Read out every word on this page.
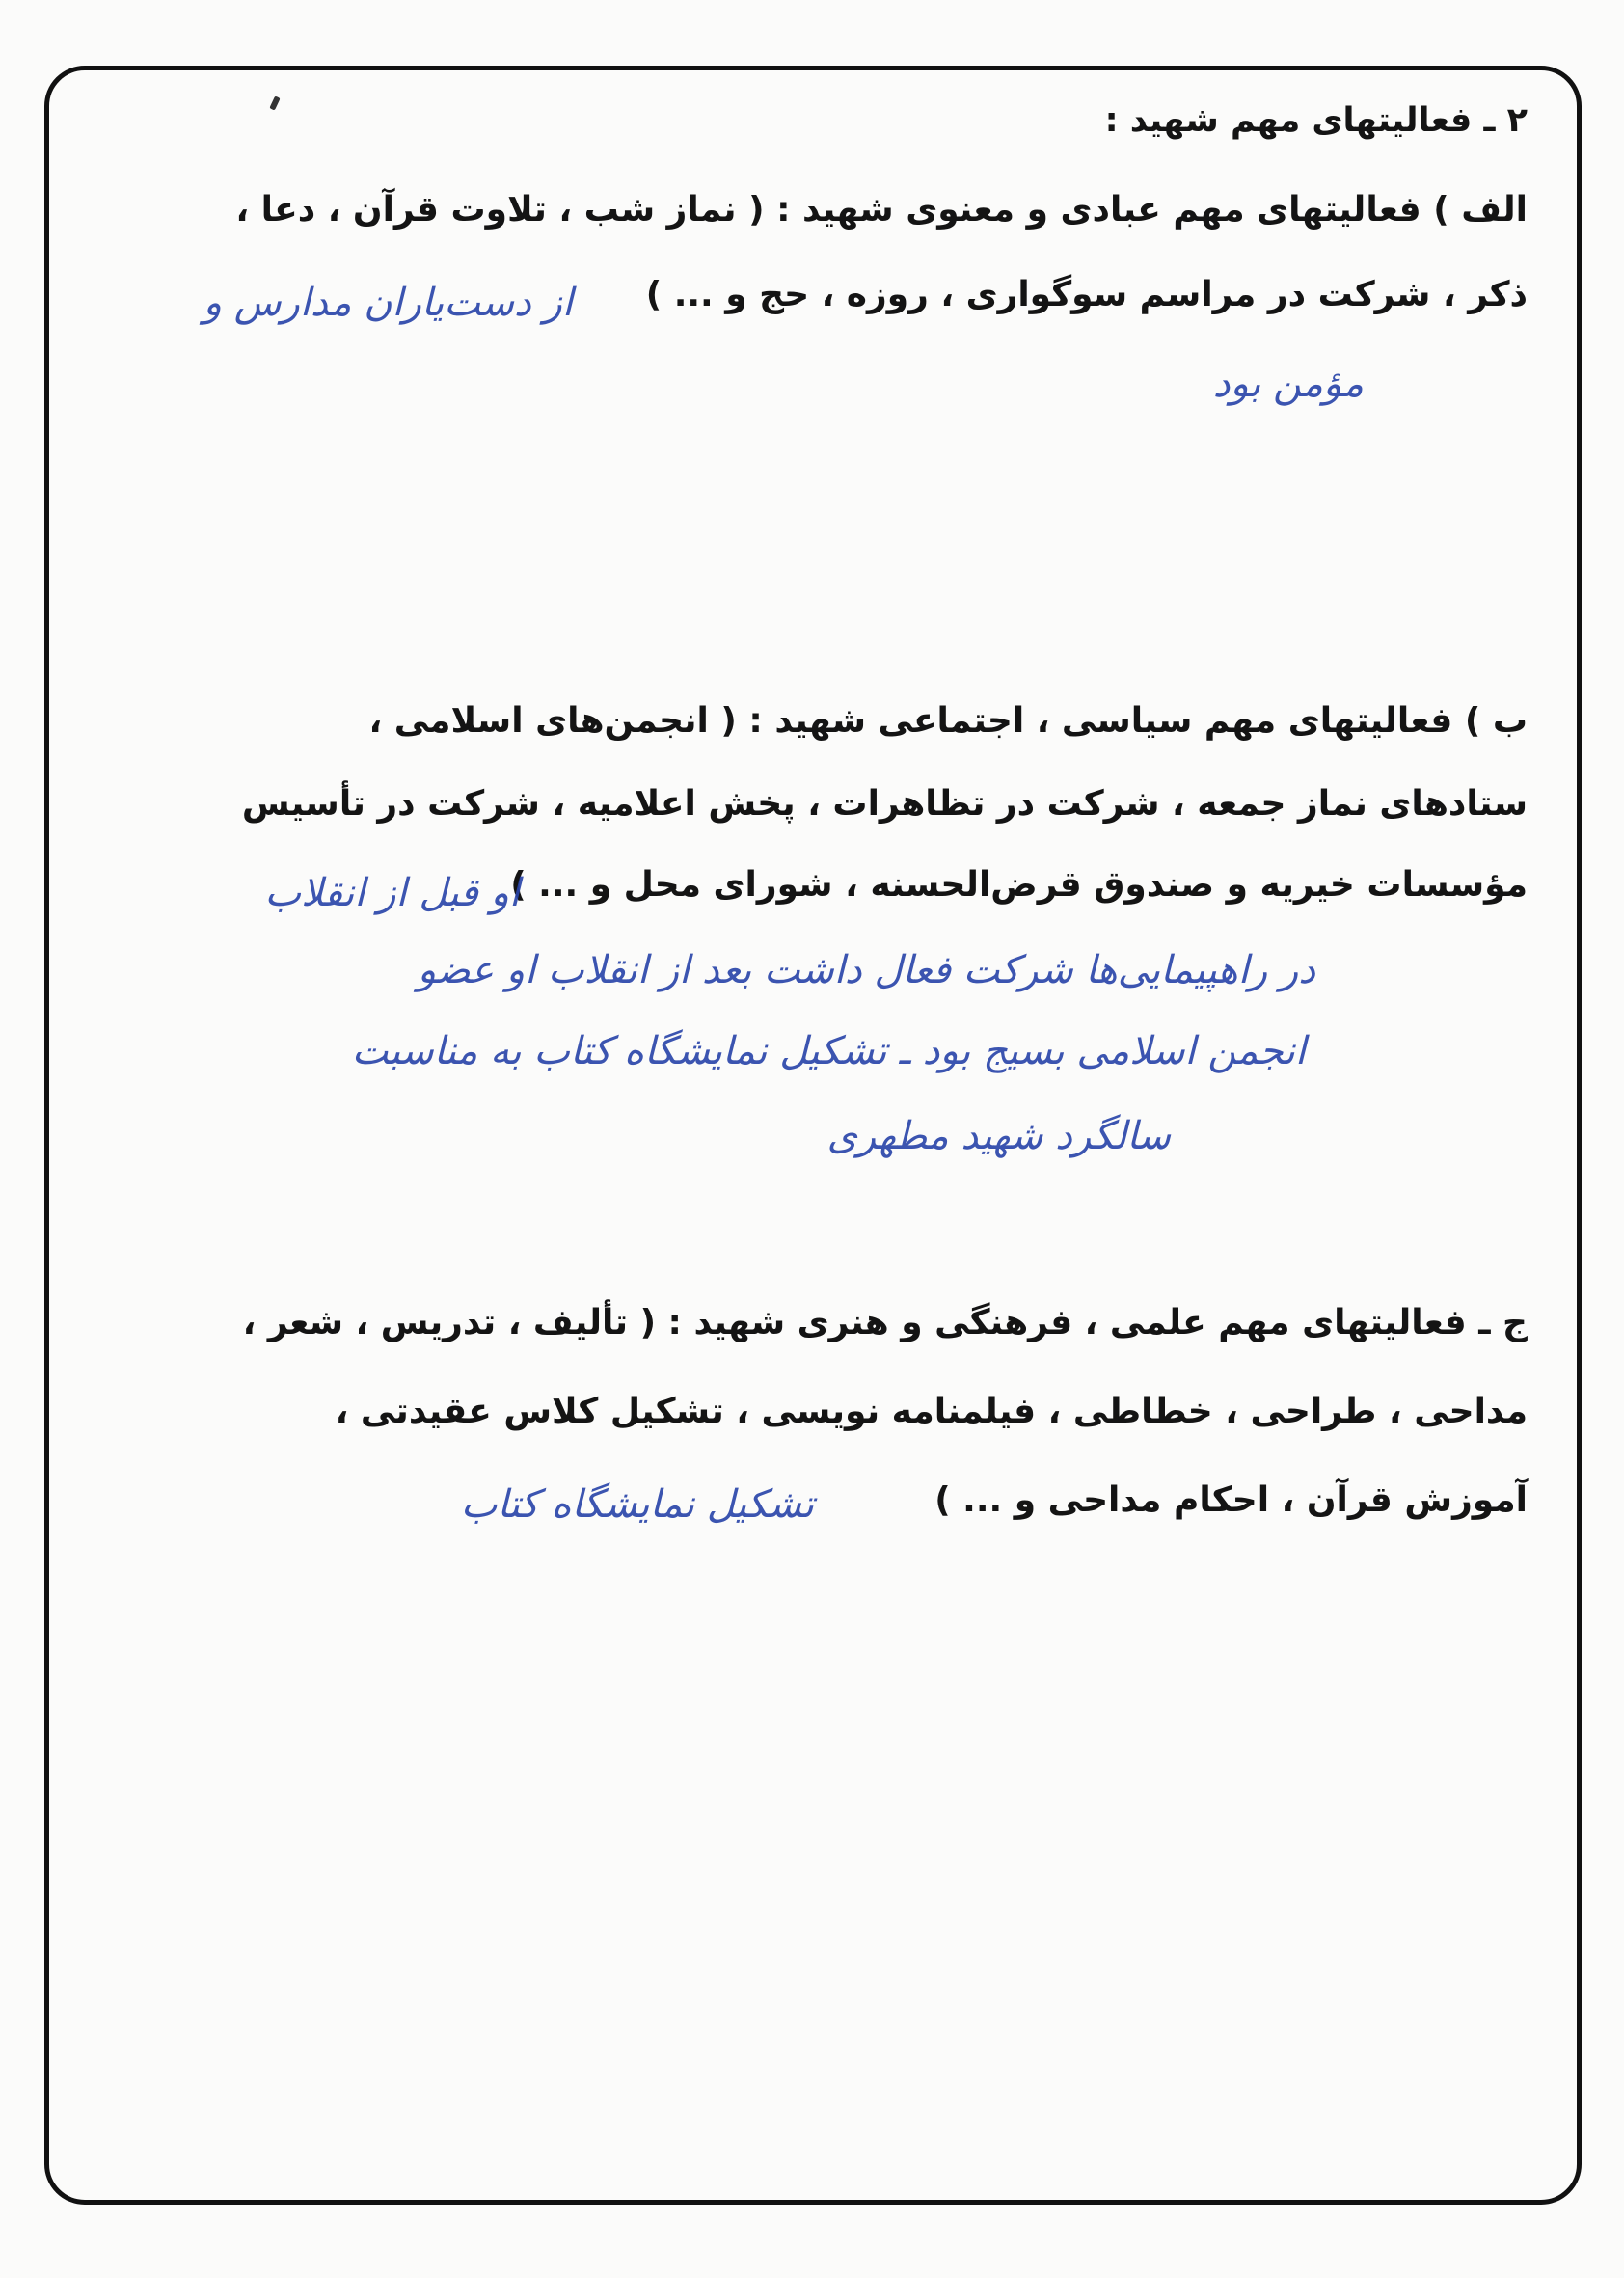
۲ ـ فعالیتهای مهم شهید :

الف ) فعالیتهای مهم عبادی و معنوی شهید : ( نماز شب ، تلاوت قرآن ، دعا ،

ذکر ، شرکت در مراسم سوگواری ، روزه ، حج و ... )

از دست‌یاران مدارس و
مؤمن بود

ب ) فعالیتهای مهم سیاسی ، اجتماعی شهید : ( انجمن‌های اسلامی ،

ستادهای نماز جمعه ، شرکت در تظاهرات ، پخش اعلامیه ، شرکت در تأسیس

مؤسسات خیریه و صندوق قرض‌الحسنه ، شورای محل و ... )

او قبل از انقلاب
در راهپیمایی‌ها شرکت فعال داشت بعد از انقلاب او عضو
انجمن اسلامی بسیج بود ـ تشکیل نمایشگاه کتاب به مناسبت
سالگرد شهید مطهری

ج ـ فعالیتهای مهم علمی ، فرهنگی و هنری شهید : ( تألیف ، تدریس ، شعر ،

مداحی ، طراحی ، خطاطی ، فیلمنامه نویسی ، تشکیل کلاس عقیدتی ،

آموزش قرآن ، احکام مداحی و ... )

تشکیل نمایشگاه کتاب
